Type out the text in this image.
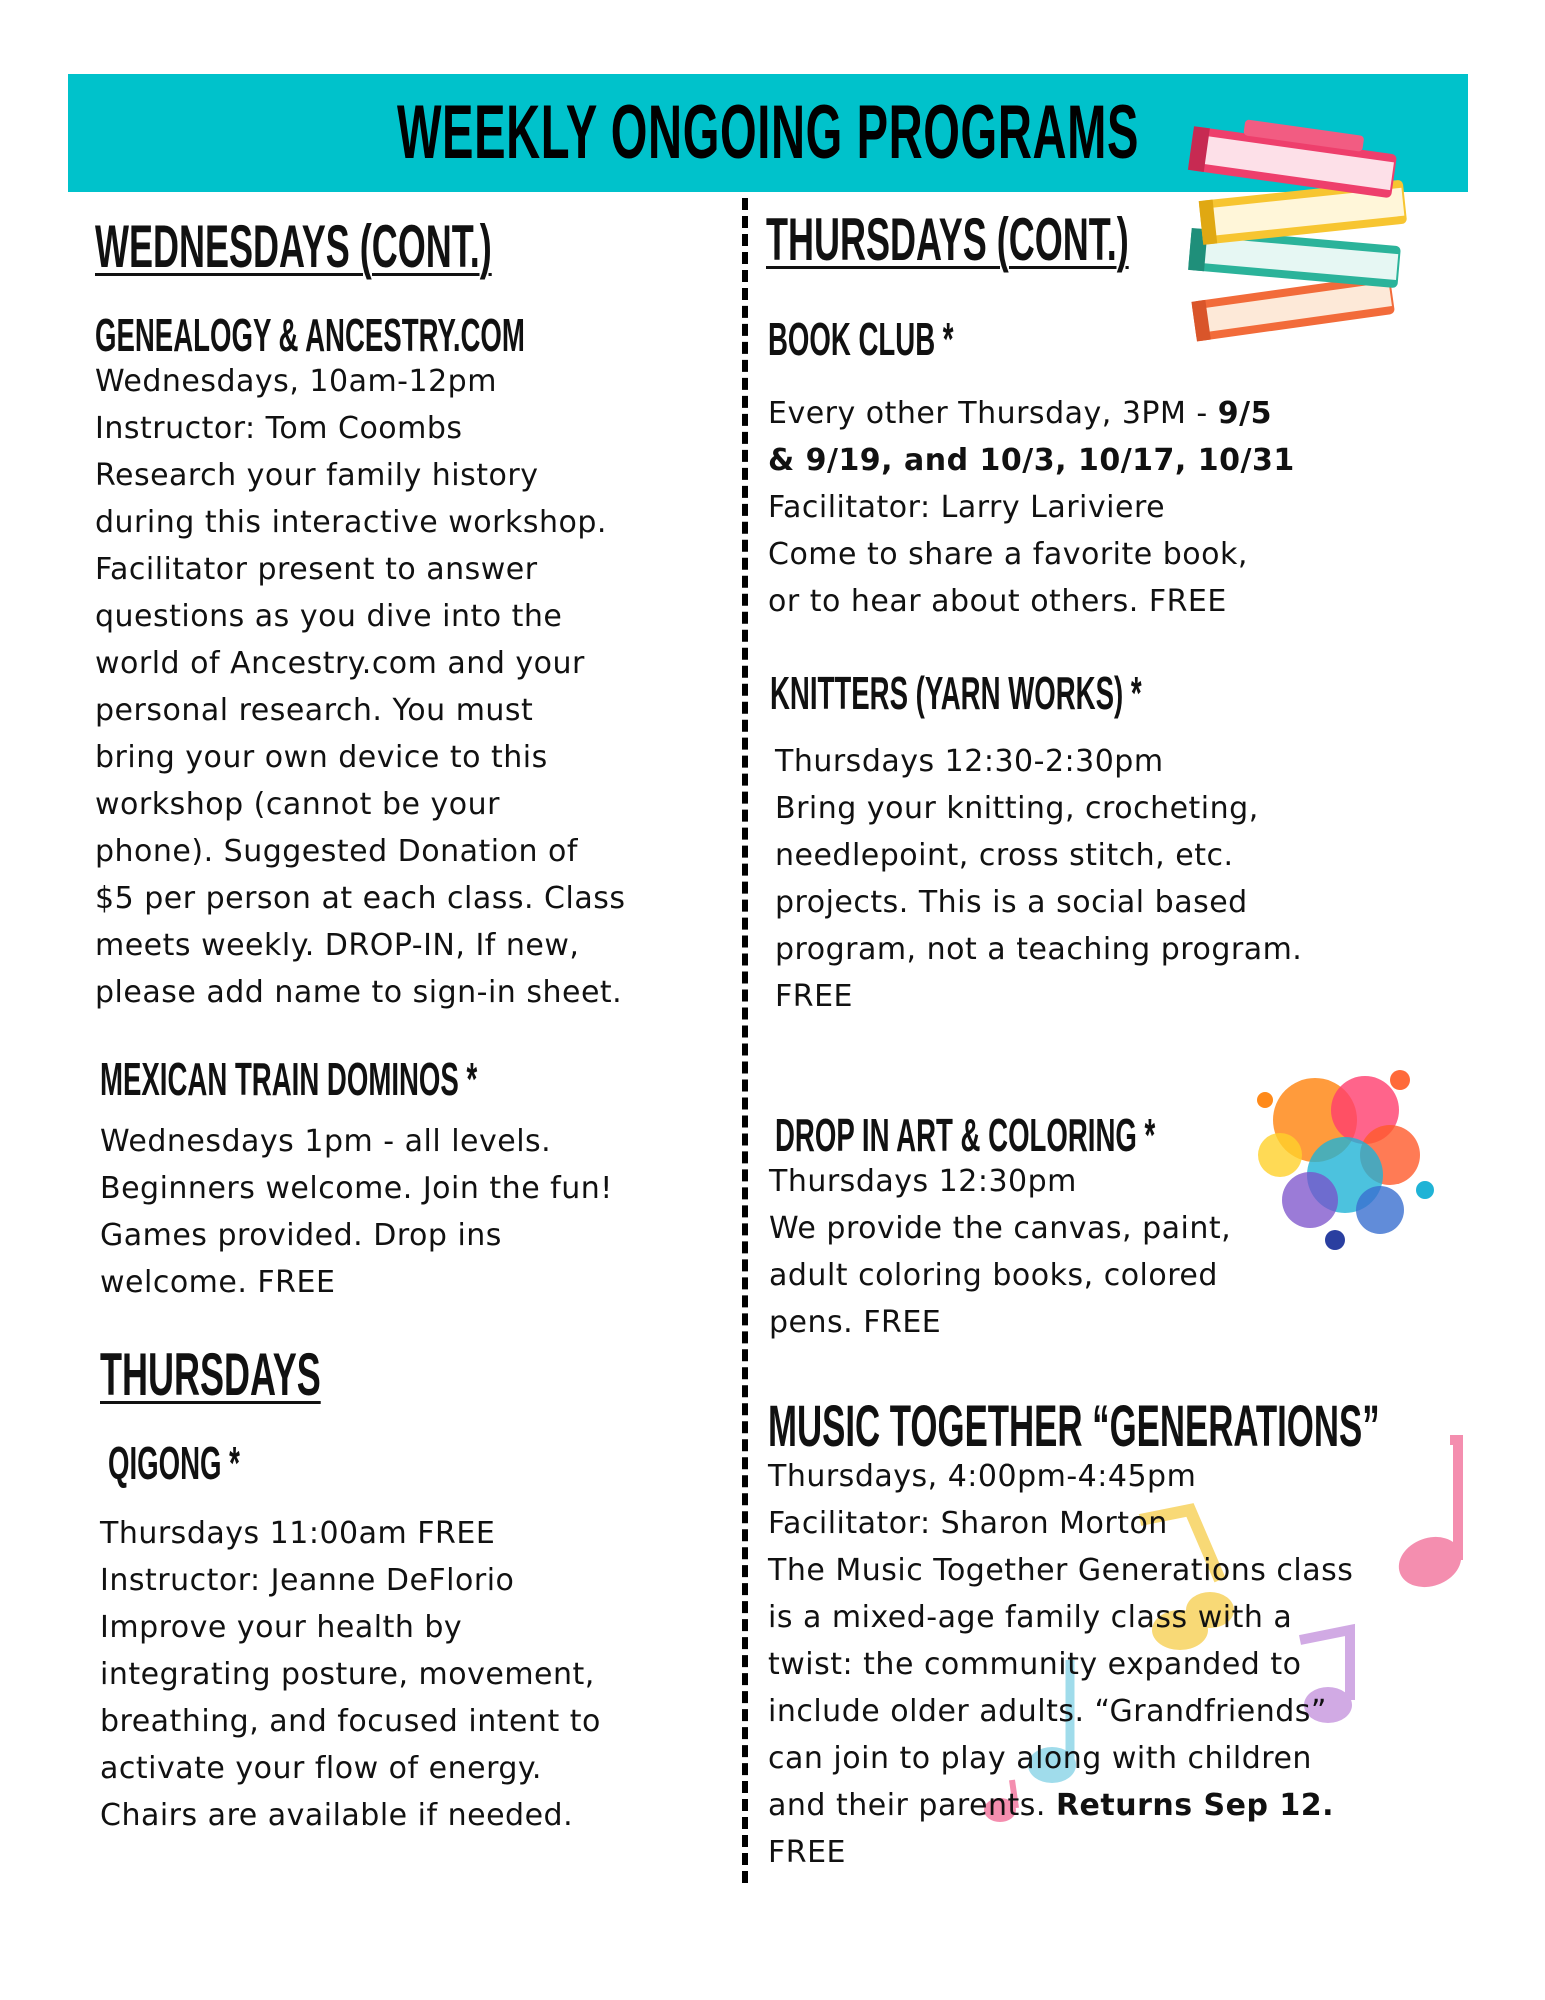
WEEKLY ONGOING PROGRAMS
WEDNESDAYS (CONT.)
GENEALOGY & ANCESTRY.COM
Wednesdays, 10am-12pm
Instructor: Tom Coombs
Research your family history
during this interactive workshop.
Facilitator present to answer
questions as you dive into the
world of Ancestry.com and your
personal research. You must
bring your own device to this
workshop (cannot be your
phone). Suggested Donation of
$5 per person at each class. Class
meets weekly. DROP-IN, If new,
please add name to sign-in sheet.
MEXICAN TRAIN DOMINOS *
Wednesdays 1pm - all levels.
Beginners welcome. Join the fun!
Games provided. Drop ins
welcome. FREE
THURSDAYS
QIGONG *
Thursdays 11:00am FREE
Instructor: Jeanne DeFlorio
Improve your health by
integrating posture, movement,
breathing, and focused intent to
activate your flow of energy.
Chairs are available if needed.
THURSDAYS (CONT.)
BOOK CLUB *
Every other Thursday, 3PM - 9/5
& 9/19, and 10/3, 10/17, 10/31
Facilitator: Larry Lariviere
Come to share a favorite book,
or to hear about others. FREE
KNITTERS (YARN WORKS) *
Thursdays 12:30-2:30pm
Bring your knitting, crocheting,
needlepoint, cross stitch, etc.
projects. This is a social based
program, not a teaching program.
FREE
DROP IN ART & COLORING *
Thursdays 12:30pm
We provide the canvas, paint,
adult coloring books, colored
pens. FREE
MUSIC TOGETHER “GENERATIONS”
Thursdays, 4:00pm-4:45pm
Facilitator: Sharon Morton
The Music Together Generations class
is a mixed-age family class with a
twist: the community expanded to
include older adults. “Grandfriends”
can join to play along with children
and their parents. Returns Sep 12.
FREE
